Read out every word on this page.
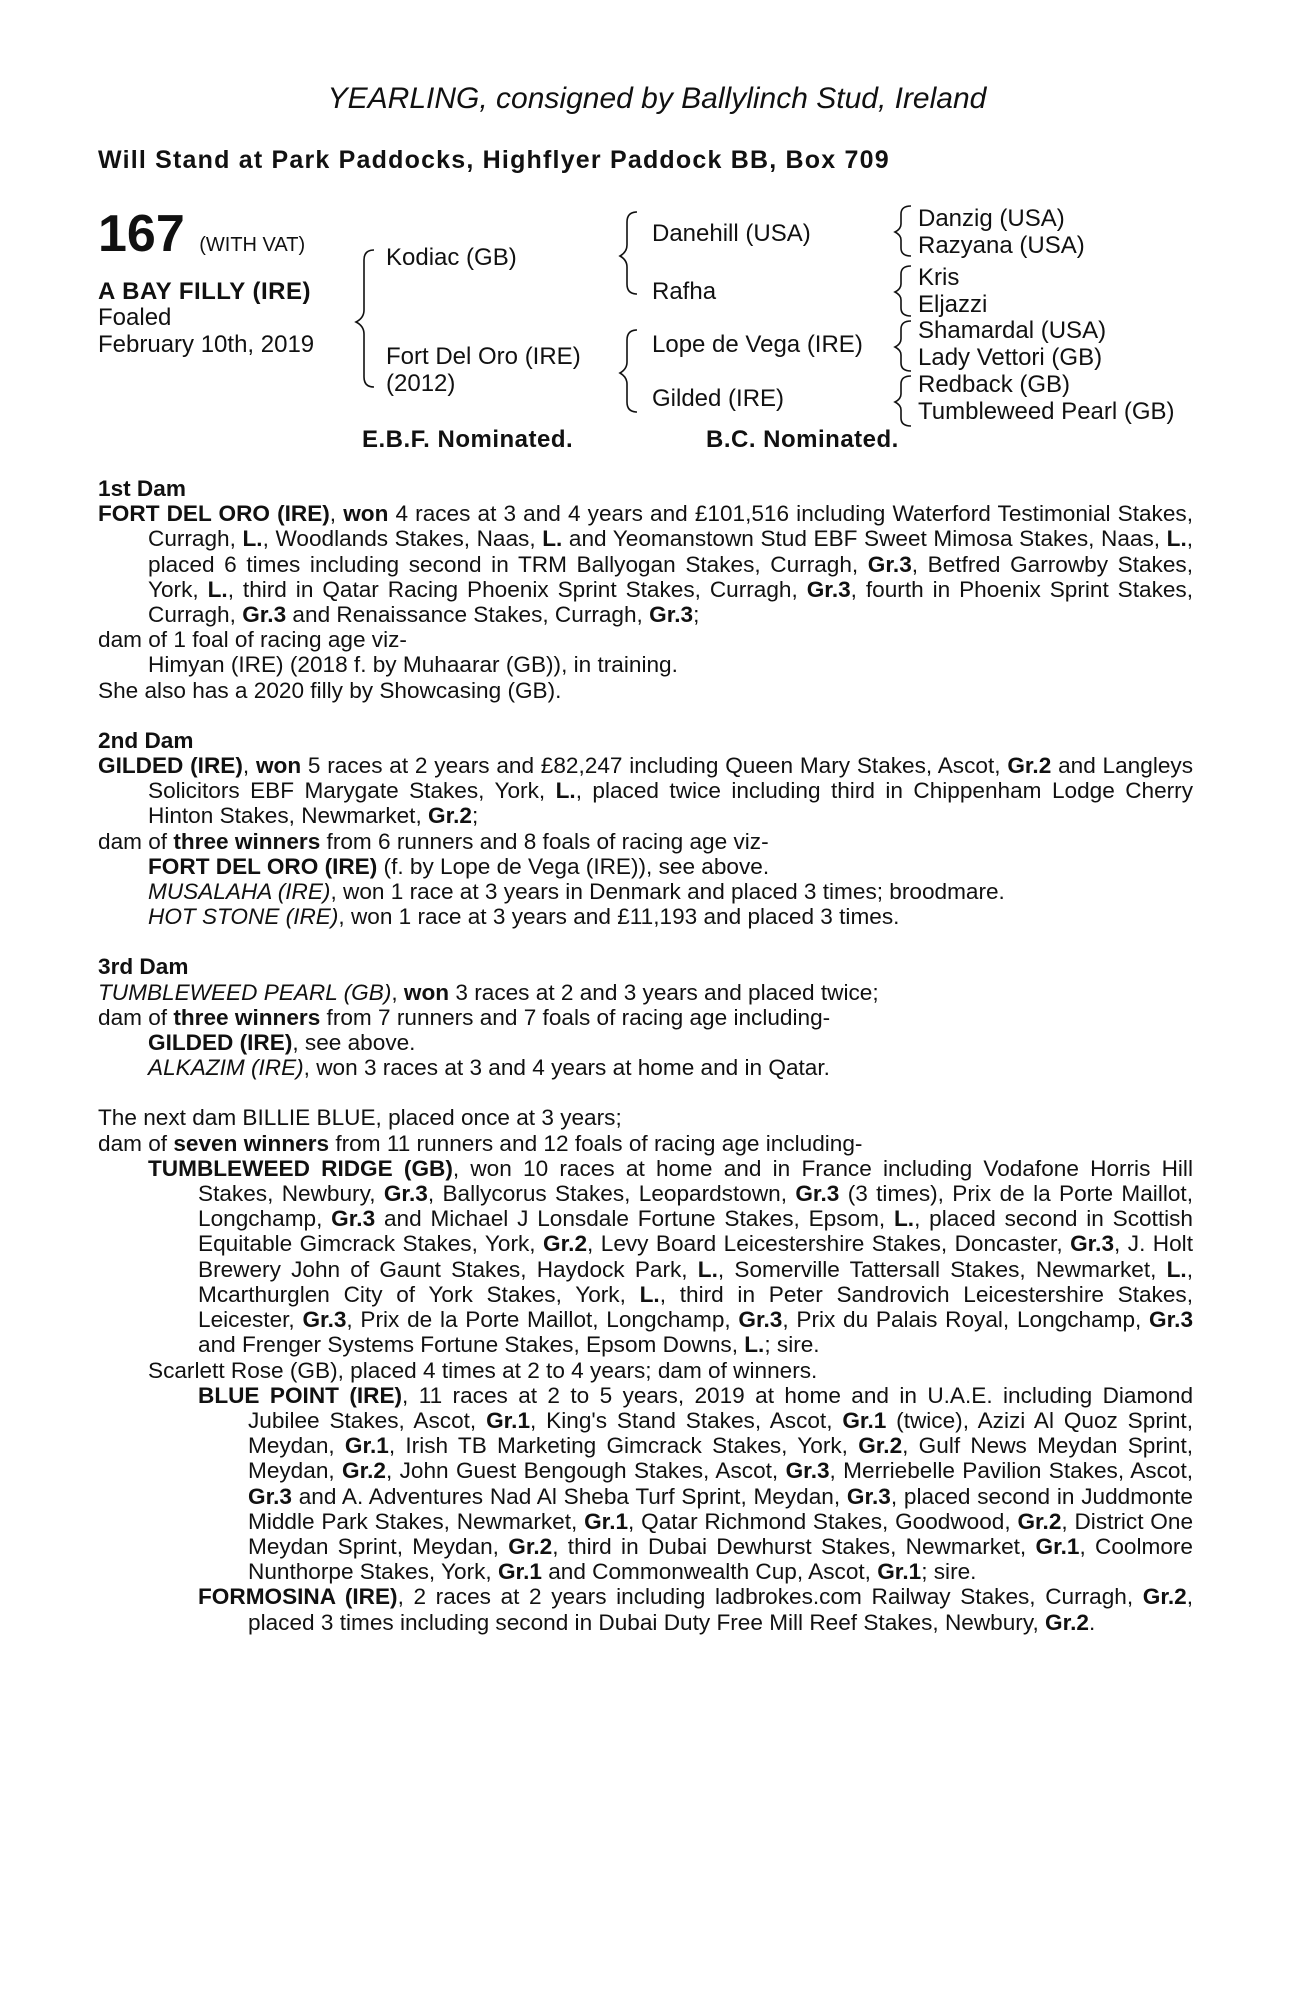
YEARLING, consigned by Ballylinch Stud, Ireland
Will Stand at Park Paddocks, Highflyer Paddock BB, Box 709
167 (WITH VAT)
A BAY FILLY (IRE)
Foaled
February 10th, 2019
Kodiac (GB)
Fort Del Oro (IRE)
(2012)
Danehill (USA)
Rafha
Lope de Vega (IRE)
Gilded (IRE)
Danzig (USA)
Razyana (USA)
Kris
Eljazzi
Shamardal (USA)
Lady Vettori (GB)
Redback (GB)
Tumbleweed Pearl (GB)
E.B.F. Nominated.	B.C. Nominated.

1st Dam

FORT DEL ORO (IRE), won 4 races at 3 and 4 years and £101,516 including Waterford Testimonial Stakes, Curragh, L., Woodlands Stakes, Naas, L. and Yeomanstown Stud EBF Sweet Mimosa Stakes, Naas, L., placed 6 times including second in TRM Ballyogan Stakes, Curragh, Gr.3, Betfred Garrowby Stakes, York, L., third in Qatar Racing Phoenix Sprint Stakes, Curragh, Gr.3, fourth in Phoenix Sprint Stakes, Curragh, Gr.3 and Renaissance Stakes, Curragh, Gr.3;

dam of 1 foal of racing age viz-

Himyan (IRE) (2018 f. by Muhaarar (GB)), in training.

She also has a 2020 filly by Showcasing (GB).

2nd Dam

GILDED (IRE), won 5 races at 2 years and £82,247 including Queen Mary Stakes, Ascot, Gr.2 and Langleys Solicitors EBF Marygate Stakes, York, L., placed twice including third in Chippenham Lodge Cherry Hinton Stakes, Newmarket, Gr.2;

dam of three winners from 6 runners and 8 foals of racing age viz-

FORT DEL ORO (IRE) (f. by Lope de Vega (IRE)), see above.

MUSALAHA (IRE), won 1 race at 3 years in Denmark and placed 3 times; broodmare.

HOT STONE (IRE), won 1 race at 3 years and £11,193 and placed 3 times.

3rd Dam

TUMBLEWEED PEARL (GB), won 3 races at 2 and 3 years and placed twice;

dam of three winners from 7 runners and 7 foals of racing age including-

GILDED (IRE), see above.

ALKAZIM (IRE), won 3 races at 3 and 4 years at home and in Qatar.

The next dam BILLIE BLUE, placed once at 3 years;

dam of seven winners from 11 runners and 12 foals of racing age including-

TUMBLEWEED RIDGE (GB), won 10 races at home and in France including Vodafone Horris Hill Stakes, Newbury, Gr.3, Ballycorus Stakes, Leopardstown, Gr.3 (3 times), Prix de la Porte Maillot, Longchamp, Gr.3 and Michael J Lonsdale Fortune Stakes, Epsom, L., placed second in Scottish Equitable Gimcrack Stakes, York, Gr.2, Levy Board Leicestershire Stakes, Doncaster, Gr.3, J. Holt Brewery John of Gaunt Stakes, Haydock Park, L., Somerville Tattersall Stakes, Newmarket, L., Mcarthurglen City of York Stakes, York, L., third in Peter Sandrovich Leicestershire Stakes, Leicester, Gr.3, Prix de la Porte Maillot, Longchamp, Gr.3, Prix du Palais Royal, Longchamp, Gr.3 and Frenger Systems Fortune Stakes, Epsom Downs, L.; sire.

Scarlett Rose (GB), placed 4 times at 2 to 4 years; dam of winners.

BLUE POINT (IRE), 11 races at 2 to 5 years, 2019 at home and in U.A.E. including Diamond Jubilee Stakes, Ascot, Gr.1, King's Stand Stakes, Ascot, Gr.1 (twice), Azizi Al Quoz Sprint, Meydan, Gr.1, Irish TB Marketing Gimcrack Stakes, York, Gr.2, Gulf News Meydan Sprint, Meydan, Gr.2, John Guest Bengough Stakes, Ascot, Gr.3, Merriebelle Pavilion Stakes, Ascot, Gr.3 and A. Adventures Nad Al Sheba Turf Sprint, Meydan, Gr.3, placed second in Juddmonte Middle Park Stakes, Newmarket, Gr.1, Qatar Richmond Stakes, Goodwood, Gr.2, District One Meydan Sprint, Meydan, Gr.2, third in Dubai Dewhurst Stakes, Newmarket, Gr.1, Coolmore Nunthorpe Stakes, York, Gr.1 and Commonwealth Cup, Ascot, Gr.1; sire.

FORMOSINA (IRE), 2 races at 2 years including ladbrokes.com Railway Stakes, Curragh, Gr.2, placed 3 times including second in Dubai Duty Free Mill Reef Stakes, Newbury, Gr.2.
